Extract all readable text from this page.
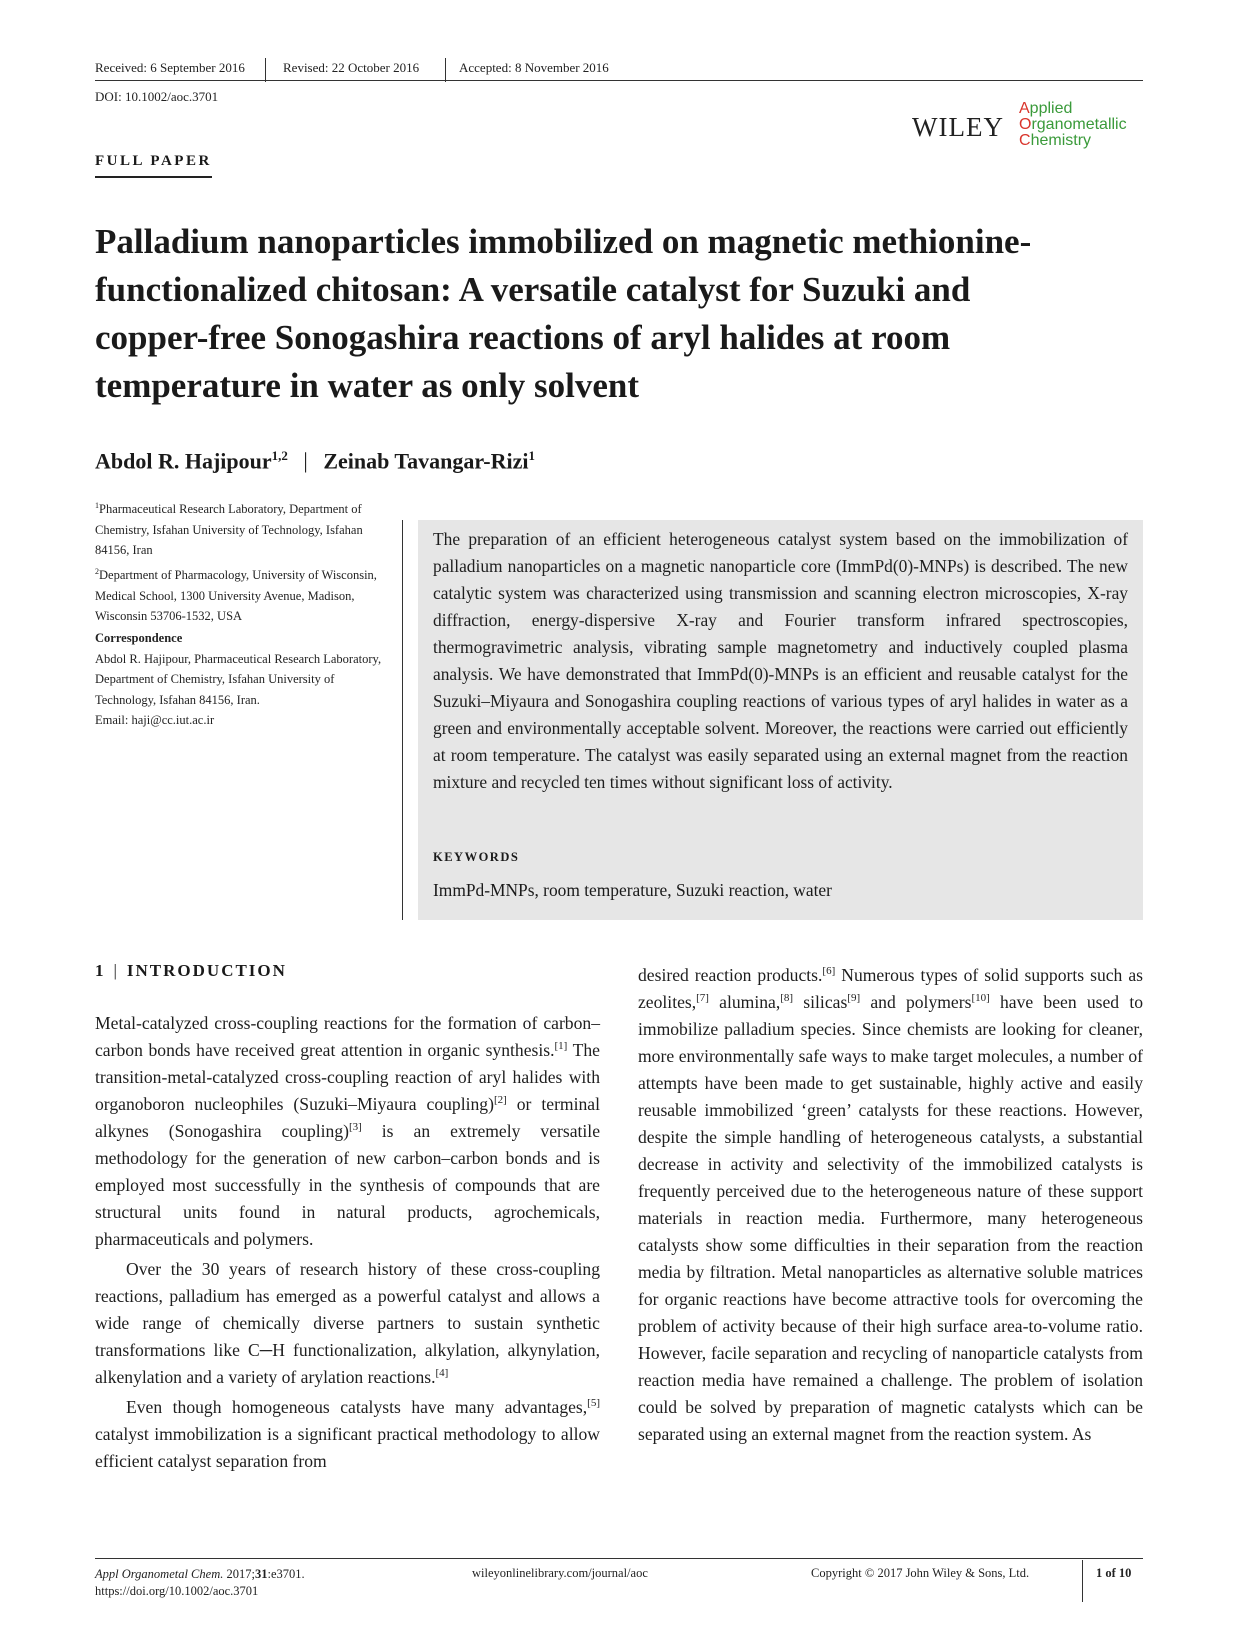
Received: 6 September 2016	Revised: 22 October 2016	Accepted: 8 November 2016
DOI: 10.1002/aoc.3701
WILEY
Applied
Organometallic
Chemistry
FULL PAPER
Palladium nanoparticles immobilized on magnetic methionine-
functionalized chitosan: A versatile catalyst for Suzuki and
copper-free Sonogashira reactions of aryl halides at room
temperature in water as only solvent
Abdol R. Hajipour$^{1,2}$ | Zeinab Tavangar-Rizi$^1$
$^1$Pharmaceutical Research Laboratory, Department of Chemistry, Isfahan University of Technology, Isfahan 84156, Iran
$^2$Department of Pharmacology, University of Wisconsin, Medical School, 1300 University Avenue, Madison, Wisconsin 53706-1532, USA
Correspondence
Abdol R. Hajipour, Pharmaceutical Research Laboratory, Department of Chemistry, Isfahan University of Technology, Isfahan 84156, Iran.
Email: haji@cc.iut.ac.ir
The preparation of an efficient heterogeneous catalyst system based on the immobilization of palladium nanoparticles on a magnetic nanoparticle core (ImmPd(0)-MNPs) is described. The new catalytic system was characterized using transmission and scanning electron microscopies, X-ray diffraction, energy-dispersive X-ray and Fourier transform infrared spectroscopies, thermogravimetric analysis, vibrating sample magnetometry and inductively coupled plasma analysis. We have demonstrated that ImmPd(0)-MNPs is an efficient and reusable catalyst for the Suzuki–Miyaura and Sonogashira coupling reactions of various types of aryl halides in water as a green and environmentally acceptable solvent. Moreover, the reactions were carried out efficiently at room temperature. The catalyst was easily separated using an external magnet from the reaction mixture and recycled ten times without significant loss of activity.
KEYWORDS
ImmPd-MNPs, room temperature, Suzuki reaction, water
1 | INTRODUCTION

Metal-catalyzed cross-coupling reactions for the formation of carbon–carbon bonds have received great attention in organic synthesis.[1] The transition-metal-catalyzed cross-coupling reaction of aryl halides with organoboron nucleophiles (Suzuki–Miyaura coupling)[2] or terminal alkynes (Sonogashira coupling)[3] is an extremely versatile methodology for the generation of new carbon–carbon bonds and is employed most successfully in the synthesis of compounds that are structural units found in natural products, agrochemicals, pharmaceuticals and polymers.

Over the 30 years of research history of these cross-coupling reactions, palladium has emerged as a powerful catalyst and allows a wide range of chemically diverse partners to sustain synthetic transformations like C─H functionalization, alkylation, alkynylation, alkenylation and a variety of arylation reactions.[4]

Even though homogeneous catalysts have many advantages,[5] catalyst immobilization is a significant practical methodology to allow efficient catalyst separation from

desired reaction products.[6] Numerous types of solid supports such as zeolites,[7] alumina,[8] silicas[9] and polymers[10] have been used to immobilize palladium species. Since chemists are looking for cleaner, more environmentally safe ways to make target molecules, a number of attempts have been made to get sustainable, highly active and easily reusable immobilized ‘green’ catalysts for these reactions. However, despite the simple handling of heterogeneous catalysts, a substantial decrease in activity and selectivity of the immobilized catalysts is frequently perceived due to the heterogeneous nature of these support materials in reaction media. Furthermore, many heterogeneous catalysts show some difficulties in their separation from the reaction media by filtration. Metal nanoparticles as alternative soluble matrices for organic reactions have become attractive tools for overcoming the problem of activity because of their high surface area-to-volume ratio. However, facile separation and recycling of nanoparticle catalysts from reaction media have remained a challenge. The problem of isolation could be solved by preparation of magnetic catalysts which can be separated using an external magnet from the reaction system. As

Appl Organometal Chem. 2017;31:e3701.
https://doi.org/10.1002/aoc.3701
wileyonlinelibrary.com/journal/aoc	Copyright © 2017 John Wiley & Sons, Ltd.	1 of 10
